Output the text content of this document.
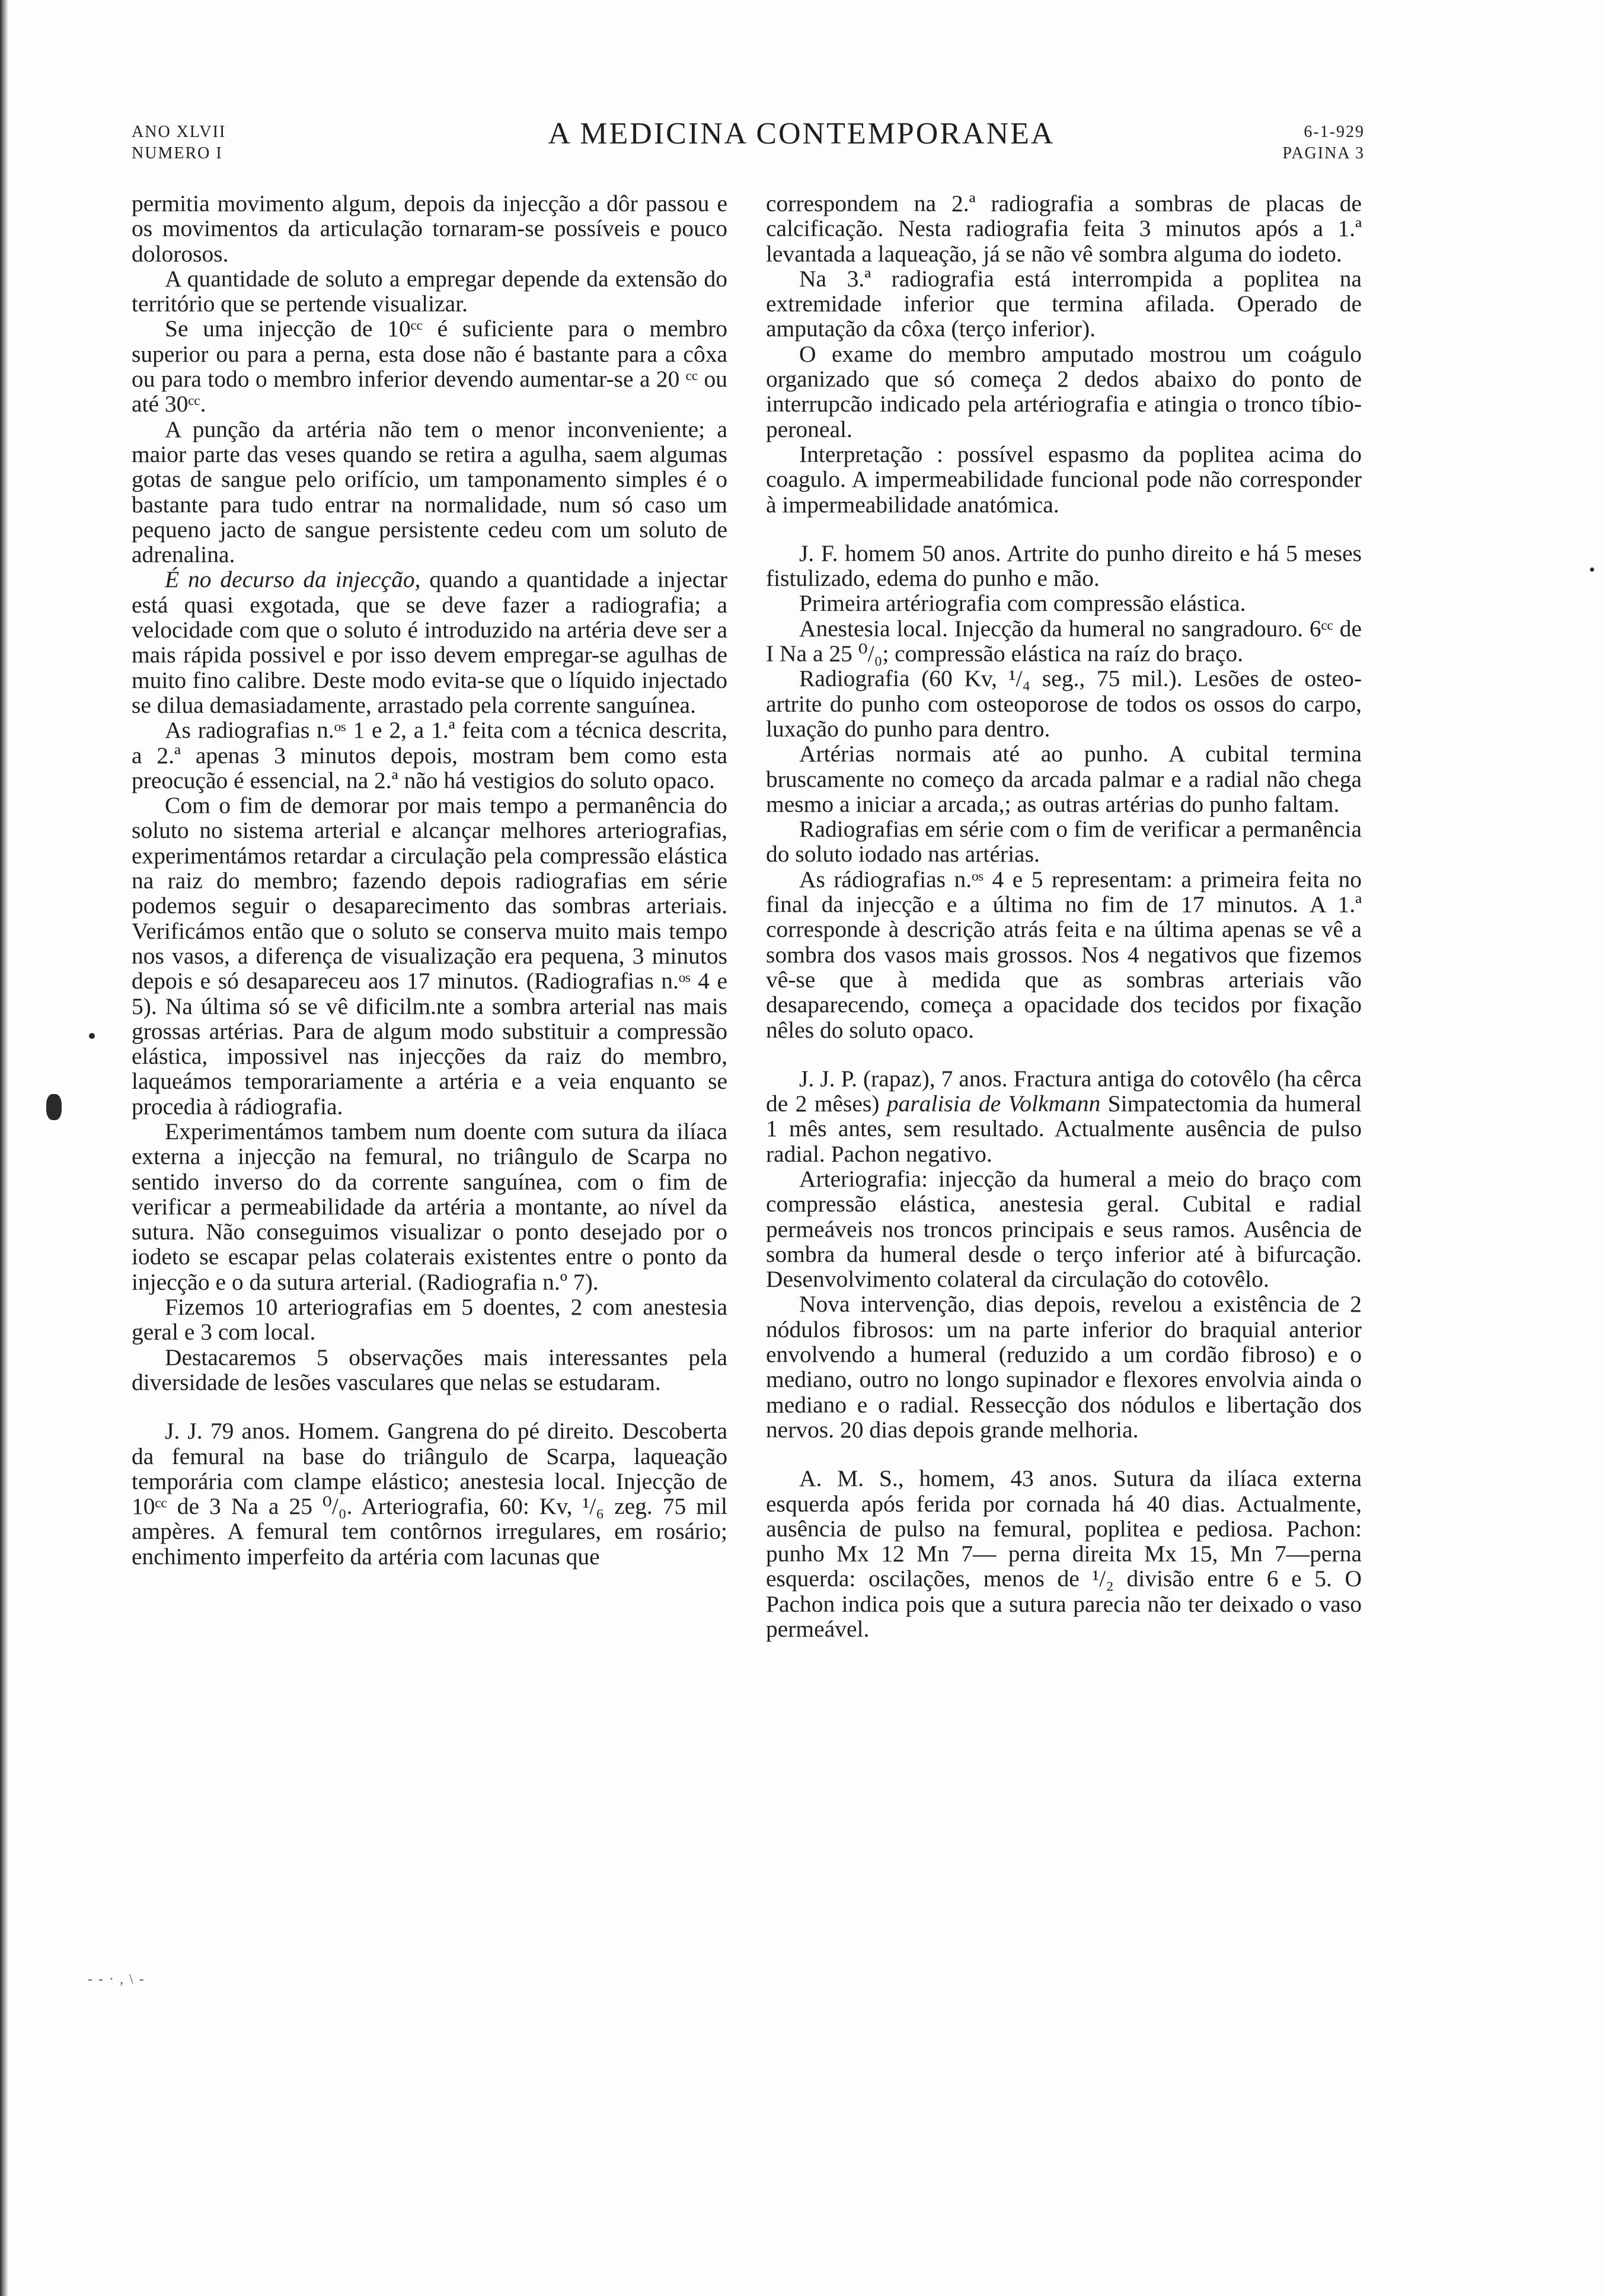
ANO XLVII
NUMERO I
A MEDICINA CONTEMPORANEA	6-1-929
PAGINA 3

permitia movimento algum, depois da injecção a dôr passou e os movimentos da articulação tornaram-se possíveis e pouco dolorosos.

A quantidade de soluto a empregar depende da extensão do território que se pertende visualizar.

Se uma injecção de 10ᶜᶜ é suficiente para o membro superior ou para a perna, esta dose não é bastante para a côxa ou para todo o membro inferior devendo aumentar-se a 20 ᶜᶜ ou até 30ᶜᶜ.

A punção da artéria não tem o menor inconveniente; a maior parte das veses quando se retira a agulha, saem algumas gotas de sangue pelo orifício, um tamponamento simples é o bastante para tudo entrar na normalidade, num só caso um pequeno jacto de sangue persistente cedeu com um soluto de adrenalina.

É no decurso da injecção, quando a quantidade a injectar está quasi exgotada, que se deve fazer a radiografia; a velocidade com que o soluto é introduzido na artéria deve ser a mais rápida possivel e por isso devem empregar-se agulhas de muito fino calibre. Deste modo evita-se que o líquido injectado se dilua demasiadamente, arrastado pela corrente sanguínea.

As radiografias n.ᵒˢ 1 e 2, a 1.ª feita com a técnica descrita, a 2.ª apenas 3 minutos depois, mostram bem como esta preocução é essencial, na 2.ª não há vestigios do soluto opaco.

Com o fim de demorar por mais tempo a permanência do soluto no sistema arterial e alcançar melhores arteriografias, experimentámos retardar a circulação pela compressão elástica na raiz do membro; fazendo depois radiografias em série podemos seguir o desaparecimento das sombras arteriais. Verificámos então que o soluto se conserva muito mais tempo nos vasos, a diferença de visualização era pequena, 3 minutos depois e só desapareceu aos 17 minutos. (Radiografias n.ᵒˢ 4 e 5). Na última só se vê dificilm.nte a sombra arterial nas mais grossas artérias. Para de algum modo substituir a compressão elástica, impossivel nas injecções da raiz do membro, laqueámos temporariamente a artéria e a veia enquanto se procedia à rádiografia.

Experimentámos tambem num doente com sutura da ilíaca externa a injecção na femural, no triângulo de Scarpa no sentido inverso do da corrente sanguínea, com o fim de verificar a permeabilidade da artéria a montante, ao nível da sutura. Não conseguimos visualizar o ponto desejado por o iodeto se escapar pelas colaterais existentes entre o ponto da injecção e o da sutura arterial. (Radiografia n.º 7).

Fizemos 10 arteriografias em 5 doentes, 2 com anestesia geral e 3 com local.

Destacaremos 5 observações mais interessantes pela diversidade de lesões vasculares que nelas se estudaram.

J. J. 79 anos. Homem. Gangrena do pé direito. Descoberta da femural na base do triângulo de Scarpa, laqueação temporária com clampe elástico; anestesia local. Injecção de 10ᶜᶜ de 3 Na a 25 ⁰/₀. Arteriografia, 60: Kv, ¹/₆ zeg. 75 mil ampères. A femural tem contôrnos irregulares, em rosário; enchimento imperfeito da artéria com lacunas que

correspondem na 2.ª radiografia a sombras de placas de calcificação. Nesta radiografia feita 3 minutos após a 1.ª levantada a laqueação, já se não vê sombra alguma do iodeto.

Na 3.ª radiografia está interrompida a poplitea na extremidade inferior que termina afilada. Operado de amputação da côxa (terço inferior).

O exame do membro amputado mostrou um coágulo organizado que só começa 2 dedos abaixo do ponto de interrupcão indicado pela artériografia e atingia o tronco tíbio-peroneal.

Interpretação : possível espasmo da poplitea acima do coagulo. A impermeabilidade funcional pode não corresponder à impermeabilidade anatómica.

J. F. homem 50 anos. Artrite do punho direito e há 5 meses fistulizado, edema do punho e mão.

Primeira artériografia com compressão elástica.

Anestesia local. Injecção da humeral no sangradouro. 6ᶜᶜ de I Na a 25 ⁰/₀; compressão elástica na raíz do braço.

Radiografia (60 Kv, ¹/₄ seg., 75 mil.). Lesões de osteo-artrite do punho com osteoporose de todos os ossos do carpo, luxação do punho para dentro.

Artérias normais até ao punho. A cubital termina bruscamente no começo da arcada palmar e a radial não chega mesmo a iniciar a arcada,; as outras artérias do punho faltam.

Radiografias em série com o fim de verificar a permanência do soluto iodado nas artérias.

As rádiografias n.ᵒˢ 4 e 5 representam: a primeira feita no final da injecção e a última no fim de 17 minutos. A 1.ª corresponde à descrição atrás feita e na última apenas se vê a sombra dos vasos mais grossos. Nos 4 negativos que fizemos vê-se que à medida que as sombras arteriais vão desaparecendo, começa a opacidade dos tecidos por fixação nêles do soluto opaco.

J. J. P. (rapaz), 7 anos. Fractura antiga do cotovêlo (ha cêrca de 2 mêses) paralisia de Volkmann Simpatectomia da humeral 1 mês antes, sem resultado. Actualmente ausência de pulso radial. Pachon negativo.

Arteriografia: injecção da humeral a meio do braço com compressão elástica, anestesia geral. Cubital e radial permeáveis nos troncos principais e seus ramos. Ausência de sombra da humeral desde o terço inferior até à bifurcação. Desenvolvimento colateral da circulação do cotovêlo.

Nova intervenção, dias depois, revelou a existência de 2 nódulos fibrosos: um na parte inferior do braquial anterior envolvendo a humeral (reduzido a um cordão fibroso) e o mediano, outro no longo supinador e flexores envolvia ainda o mediano e o radial. Ressecção dos nódulos e libertação dos nervos. 20 dias depois grande melhoria.

A. M. S., homem, 43 anos. Sutura da ilíaca externa esquerda após ferida por cornada há 40 dias. Actualmente, ausência de pulso na femural, poplitea e pediosa. Pachon: punho Mx 12 Mn 7— perna direita Mx 15, Mn 7—perna esquerda: oscilações, menos de ¹/₂ divisão entre 6 e 5. O Pachon indica pois que a sutura parecia não ter deixado o vaso permeável.

- - · , \ -
